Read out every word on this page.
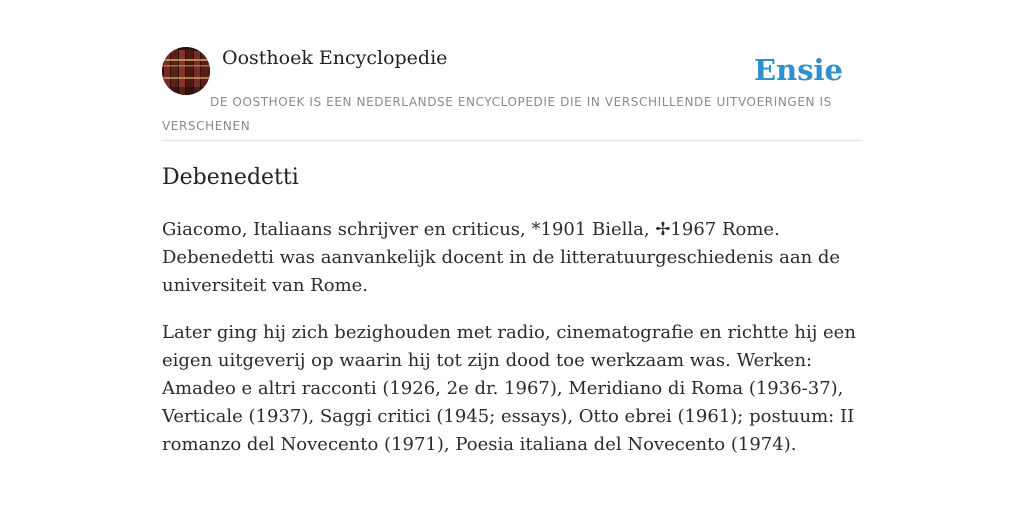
Oosthoek Encyclopedie	Ensie
DE OOSTHOEK IS EEN NEDERLANDSE ENCYCLOPEDIE DIE IN VERSCHILLENDE UITVOERINGEN IS VERSCHENEN
Debenedetti

Giacomo, Italiaans schrijver en criticus, *1901 Biella, ✢1967 Rome. Debenedetti was aanvankelijk docent in de litteratuurgeschiedenis aan de universiteit van Rome.

Later ging hij zich bezighouden met radio, cinematografie en richtte hij een eigen uitgeverij op waarin hij tot zijn dood toe werkzaam was. Werken: Amadeo e altri racconti (1926, 2e dr. 1967), Meridiano di Roma (1936-37), Verticale (1937), Saggi critici (1945; essays), Otto ebrei (1961); postuum: II romanzo del Novecento (1971), Poesia italiana del Novecento (1974).
